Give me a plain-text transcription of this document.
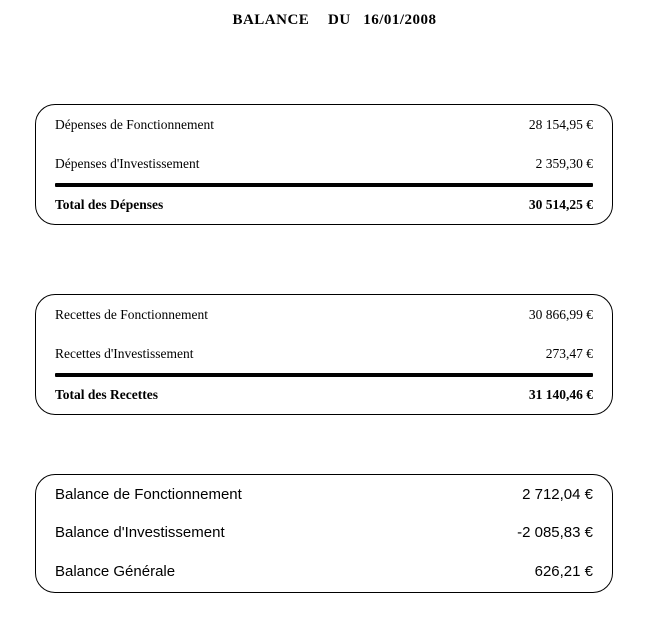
BALANCE   DU  16/01/2008
Dépenses de Fonctionnement	28 154,95 €
Dépenses d'Investissement	2 359,30 €
Total des Dépenses	30 514,25 €
Recettes de Fonctionnement	30 866,99 €
Recettes d'Investissement	273,47 €
Total des Recettes	31 140,46 €
Balance de Fonctionnement	2 712,04 €
Balance d'Investissement	-2 085,83 €
Balance Générale	626,21 €
